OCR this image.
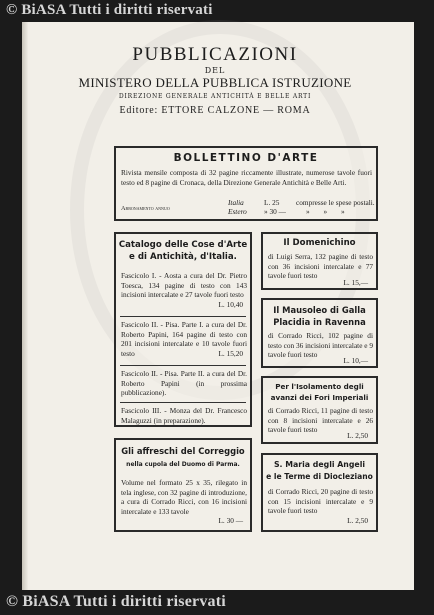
© BiASA Tutti i diritti riservati
PUBBLICAZIONI
DEL
MINISTERO DELLA PUBBLICA ISTRUZIONE
DIREZIONE GENERALE ANTICHITÀ E BELLE ARTI
Editore: ETTORE CALZONE — ROMA
BOLLETTINO D'ARTE
Rivista mensile composta di 32 pagine riccamente illustrate, numerose tavole fuori testo ed 8 pagine di Cronaca, della Direzione Generale Antichità e Belle Arti.
Abbonamento annuo
Italia	L. 25 compresse le spese postali.
Estero » 30 —	» » »
Catalogo delle Cose d'Arte
e di Antichità, d'Italia.
Fascicolo I. - Aosta a cura del Dr. Pietro Toesca, 134 pagine di testo con 143 incisioni intercalate e 27 tavole fuori testo
L. 10,40
Fascicolo II. - Pisa. Parte I. a cura del Dr. Roberto Papini, 164 pagine di testo con 201 incisioni intercalate e 10 tavole fuori testo	L. 15,20
Fascicolo II. - Pisa. Parte II. a cura del Dr. Roberto Papini (in prossima pubblicazione).
Fascicolo III. - Monza del Dr. Francesco Malaguzzi (in preparazione).
Gli affreschi del Correggio
nella cupola del Duomo di Parma.
Volume nel formato 25 x 35, rilegato in tela inglese, con 32 pagine di introduzione, a cura di Corrado Ricci, con 16 incisioni intercalate e 133 tavole
L. 30 —
Il Domenichino
di Luigi Serra, 132 pagine di testo con 36 incisioni intercalate e 77 tavole fuori testo
L. 15,—
Il Mausoleo di Galla
Placidia in Ravenna
di Corrado Ricci, 102 pagine di testo con 36 incisioni intercalate e 9 tavole fuori testo
L. 10,—
Per l'Isolamento degli
avanzi dei Fori Imperiali
di Corrado Ricci, 11 pagine di testo con 8 incisioni intercalate e 26 tavole fuori testo
L. 2,50
S. Maria degli Angeli
e le Terme di Diocleziano
di Corrado Ricci, 20 pagine di testo con 15 incisioni intercalate e 9 tavole fuori testo
L. 2,50
© BiASA Tutti i diritti riservati
